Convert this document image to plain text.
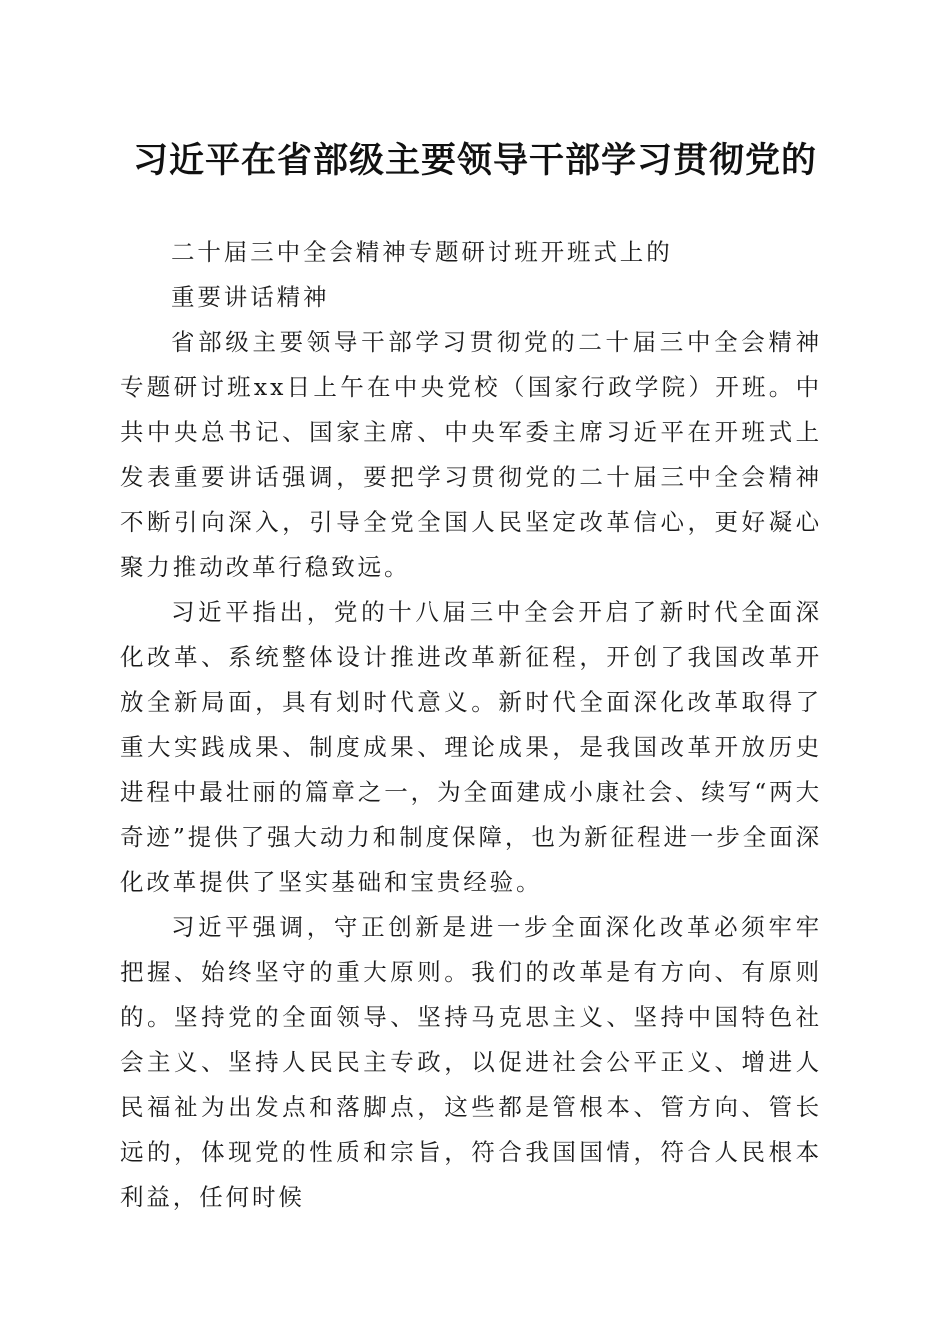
习近平在省部级主要领导干部学习贯彻党的

二十届三中全会精神专题研讨班开班式上的

重要讲话精神

省部级主要领导干部学习贯彻党的二十届三中全会精神专题研讨班xx日上午在中央党校（国家行政学院）开班。中共中央总书记、国家主席、中央军委主席习近平在开班式上发表重要讲话强调，要把学习贯彻党的二十届三中全会精神不断引向深入，引导全党全国人民坚定改革信心，更好凝心聚力推动改革行稳致远。

习近平指出，党的十八届三中全会开启了新时代全面深化改革、系统整体设计推进改革新征程，开创了我国改革开放全新局面，具有划时代意义。新时代全面深化改革取得了重大实践成果、制度成果、理论成果，是我国改革开放历史进程中最壮丽的篇章之一，为全面建成小康社会、续写“两大奇迹”提供了强大动力和制度保障，也为新征程进一步全面深化改革提供了坚实基础和宝贵经验。

习近平强调，守正创新是进一步全面深化改革必须牢牢把握、始终坚守的重大原则。我们的改革是有方向、有原则的。坚持党的全面领导、坚持马克思主义、坚持中国特色社会主义、坚持人民民主专政，以促进社会公平正义、增进人民福祉为出发点和落脚点，这些都是管根本、管方向、管长远的，体现党的性质和宗旨，符合我国国情，符合人民根本利益，任何时候
